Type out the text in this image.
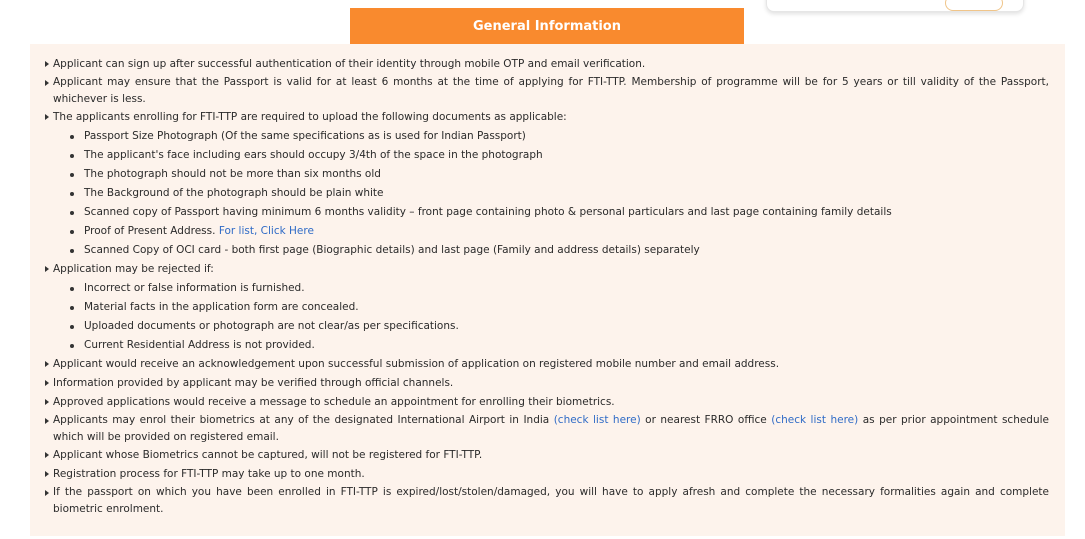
General Information
Applicant can sign up after successful authentication of their identity through mobile OTP and email verification.
Applicant may ensure that the Passport is valid for at least 6 months at the time of applying for FTI-TTP. Membership of programme will be for 5 years or till validity of the Passport, whichever is less.
The applicants enrolling for FTI-TTP are required to upload the following documents as applicable:
Passport Size Photograph (Of the same specifications as is used for Indian Passport)
The applicant's face including ears should occupy 3/4th of the space in the photograph
The photograph should not be more than six months old
The Background of the photograph should be plain white
Scanned copy of Passport having minimum 6 months validity – front page containing photo & personal particulars and last page containing family details
Proof of Present Address. For list, Click Here
Scanned Copy of OCI card - both first page (Biographic details) and last page (Family and address details) separately
Application may be rejected if:
Incorrect or false information is furnished.
Material facts in the application form are concealed.
Uploaded documents or photograph are not clear/as per specifications.
Current Residential Address is not provided.
Applicant would receive an acknowledgement upon successful submission of application on registered mobile number and email address.
Information provided by applicant may be verified through official channels.
Approved applications would receive a message to schedule an appointment for enrolling their biometrics.
Applicants may enrol their biometrics at any of the designated International Airport in India (check list here) or nearest FRRO office (check list here) as per prior appointment schedule which will be provided on registered email.
Applicant whose Biometrics cannot be captured, will not be registered for FTI-TTP.
Registration process for FTI-TTP may take up to one month.
If the passport on which you have been enrolled in FTI-TTP is expired/lost/stolen/damaged, you will have to apply afresh and complete the necessary formalities again and complete biometric enrolment.
